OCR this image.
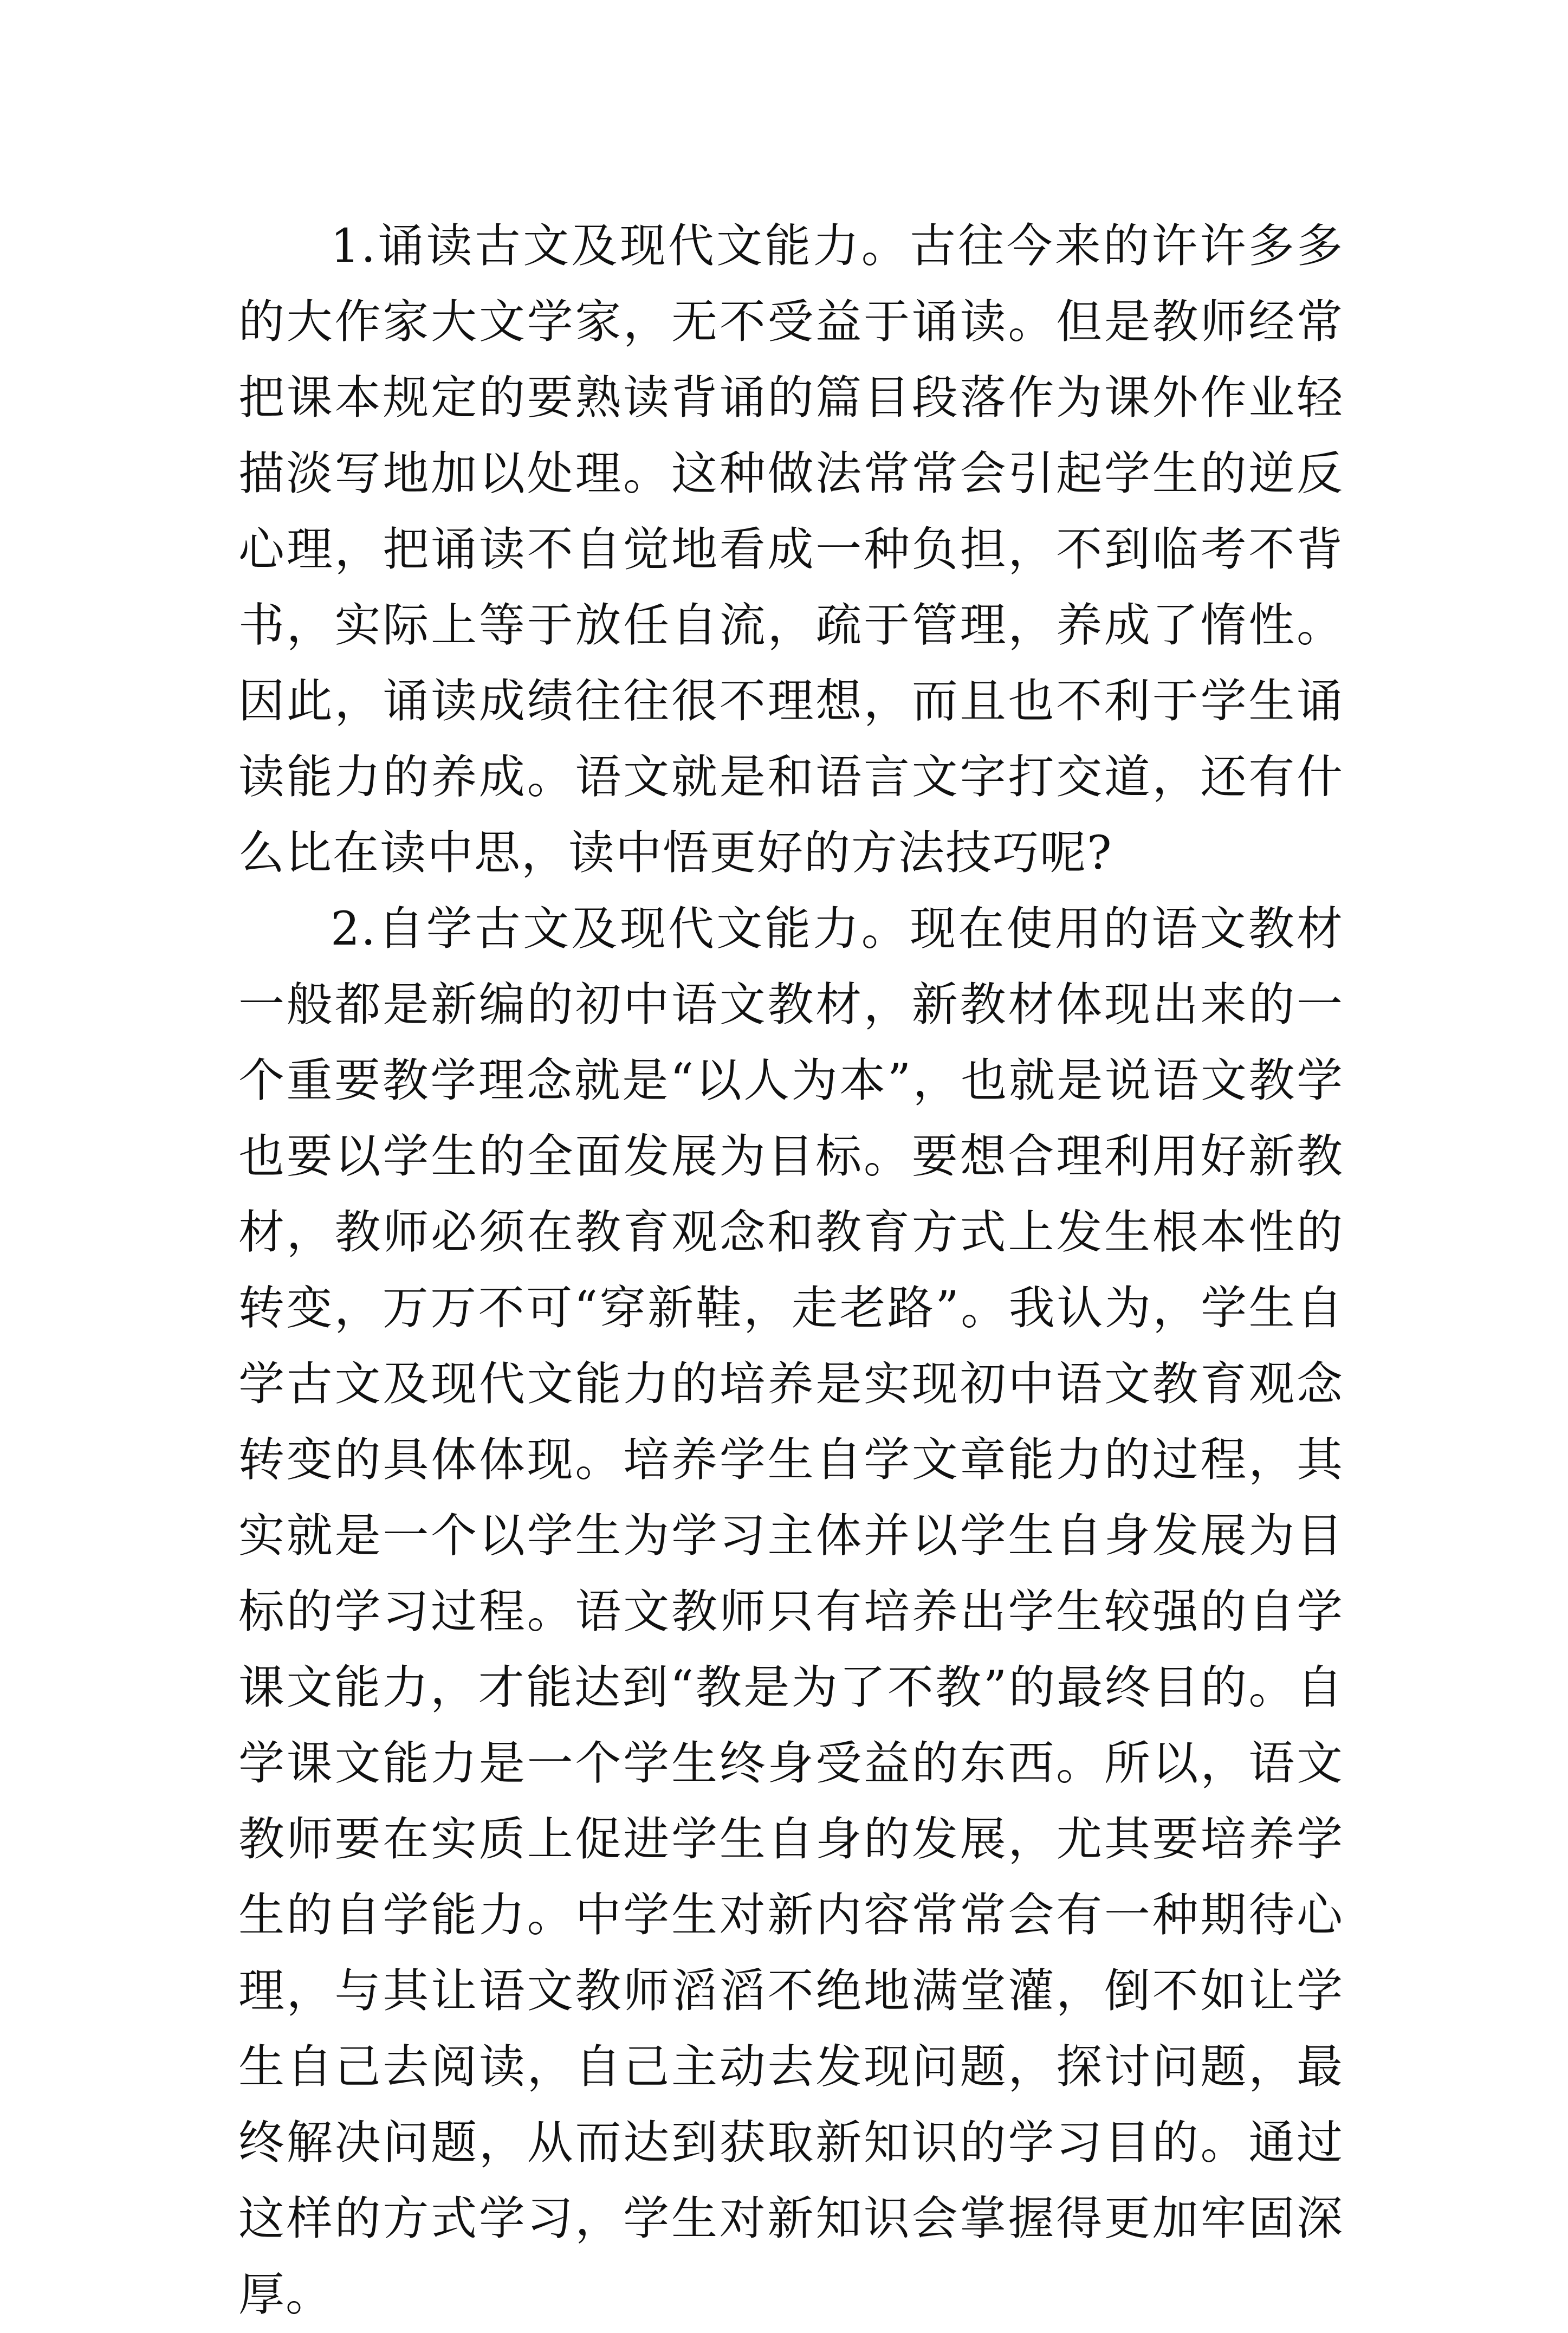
1.诵读古文及现代文能力。古往今来的许许多多的大作家大文学家，无不受益于诵读。但是教师经常把课本规定的要熟读背诵的篇目段落作为课外作业轻描淡写地加以处理。这种做法常常会引起学生的逆反心理，把诵读不自觉地看成一种负担，不到临考不背书，实际上等于放任自流，疏于管理，养成了惰性。因此，诵读成绩往往很不理想，而且也不利于学生诵读能力的养成。语文就是和语言文字打交道，还有什么比在读中思，读中悟更好的方法技巧呢?

2.自学古文及现代文能力。现在使用的语文教材一般都是新编的初中语文教材，新教材体现出来的一个重要教学理念就是“以人为本”，也就是说语文教学也要以学生的全面发展为目标。要想合理利用好新教材，教师必须在教育观念和教育方式上发生根本性的转变，万万不可“穿新鞋，走老路”。我认为，学生自学古文及现代文能力的培养是实现初中语文教育观念转变的具体体现。培养学生自学文章能力的过程，其实就是一个以学生为学习主体并以学生自身发展为目标的学习过程。语文教师只有培养出学生较强的自学课文能力，才能达到“教是为了不教”的最终目的。自学课文能力是一个学生终身受益的东西。所以，语文教师要在实质上促进学生自身的发展，尤其要培养学生的自学能力。中学生对新内容常常会有一种期待心理，与其让语文教师滔滔不绝地满堂灌，倒不如让学生自己去阅读，自己主动去发现问题，探讨问题，最终解决问题，从而达到获取新知识的学习目的。通过这样的方式学习，学生对新知识会掌握得更加牢固深厚。
